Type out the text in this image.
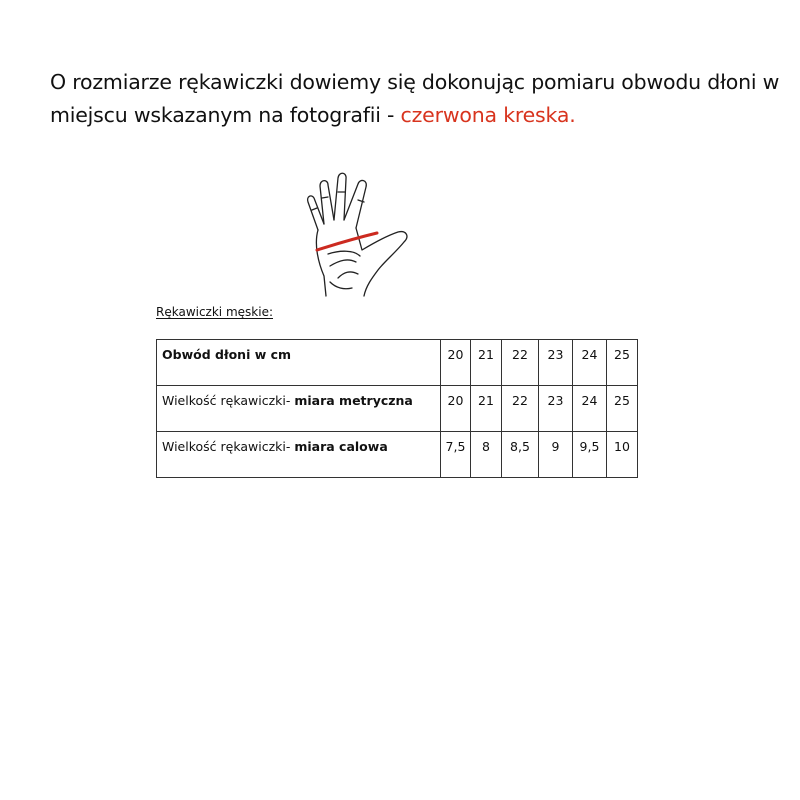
O rozmiarze rękawiczki dowiemy się dokonując pomiaru obwodu dłoni w miejscu wskazanym na fotografii - czerwona kreska.
Rękawiczki męskie:
Obwód dłoni w cm	20	21	22	23	24	25
Wielkość rękawiczki- miara metryczna	20	21	22	23	24	25
Wielkość rękawiczki- miara calowa	7,5	8	8,5	9	9,5	10
